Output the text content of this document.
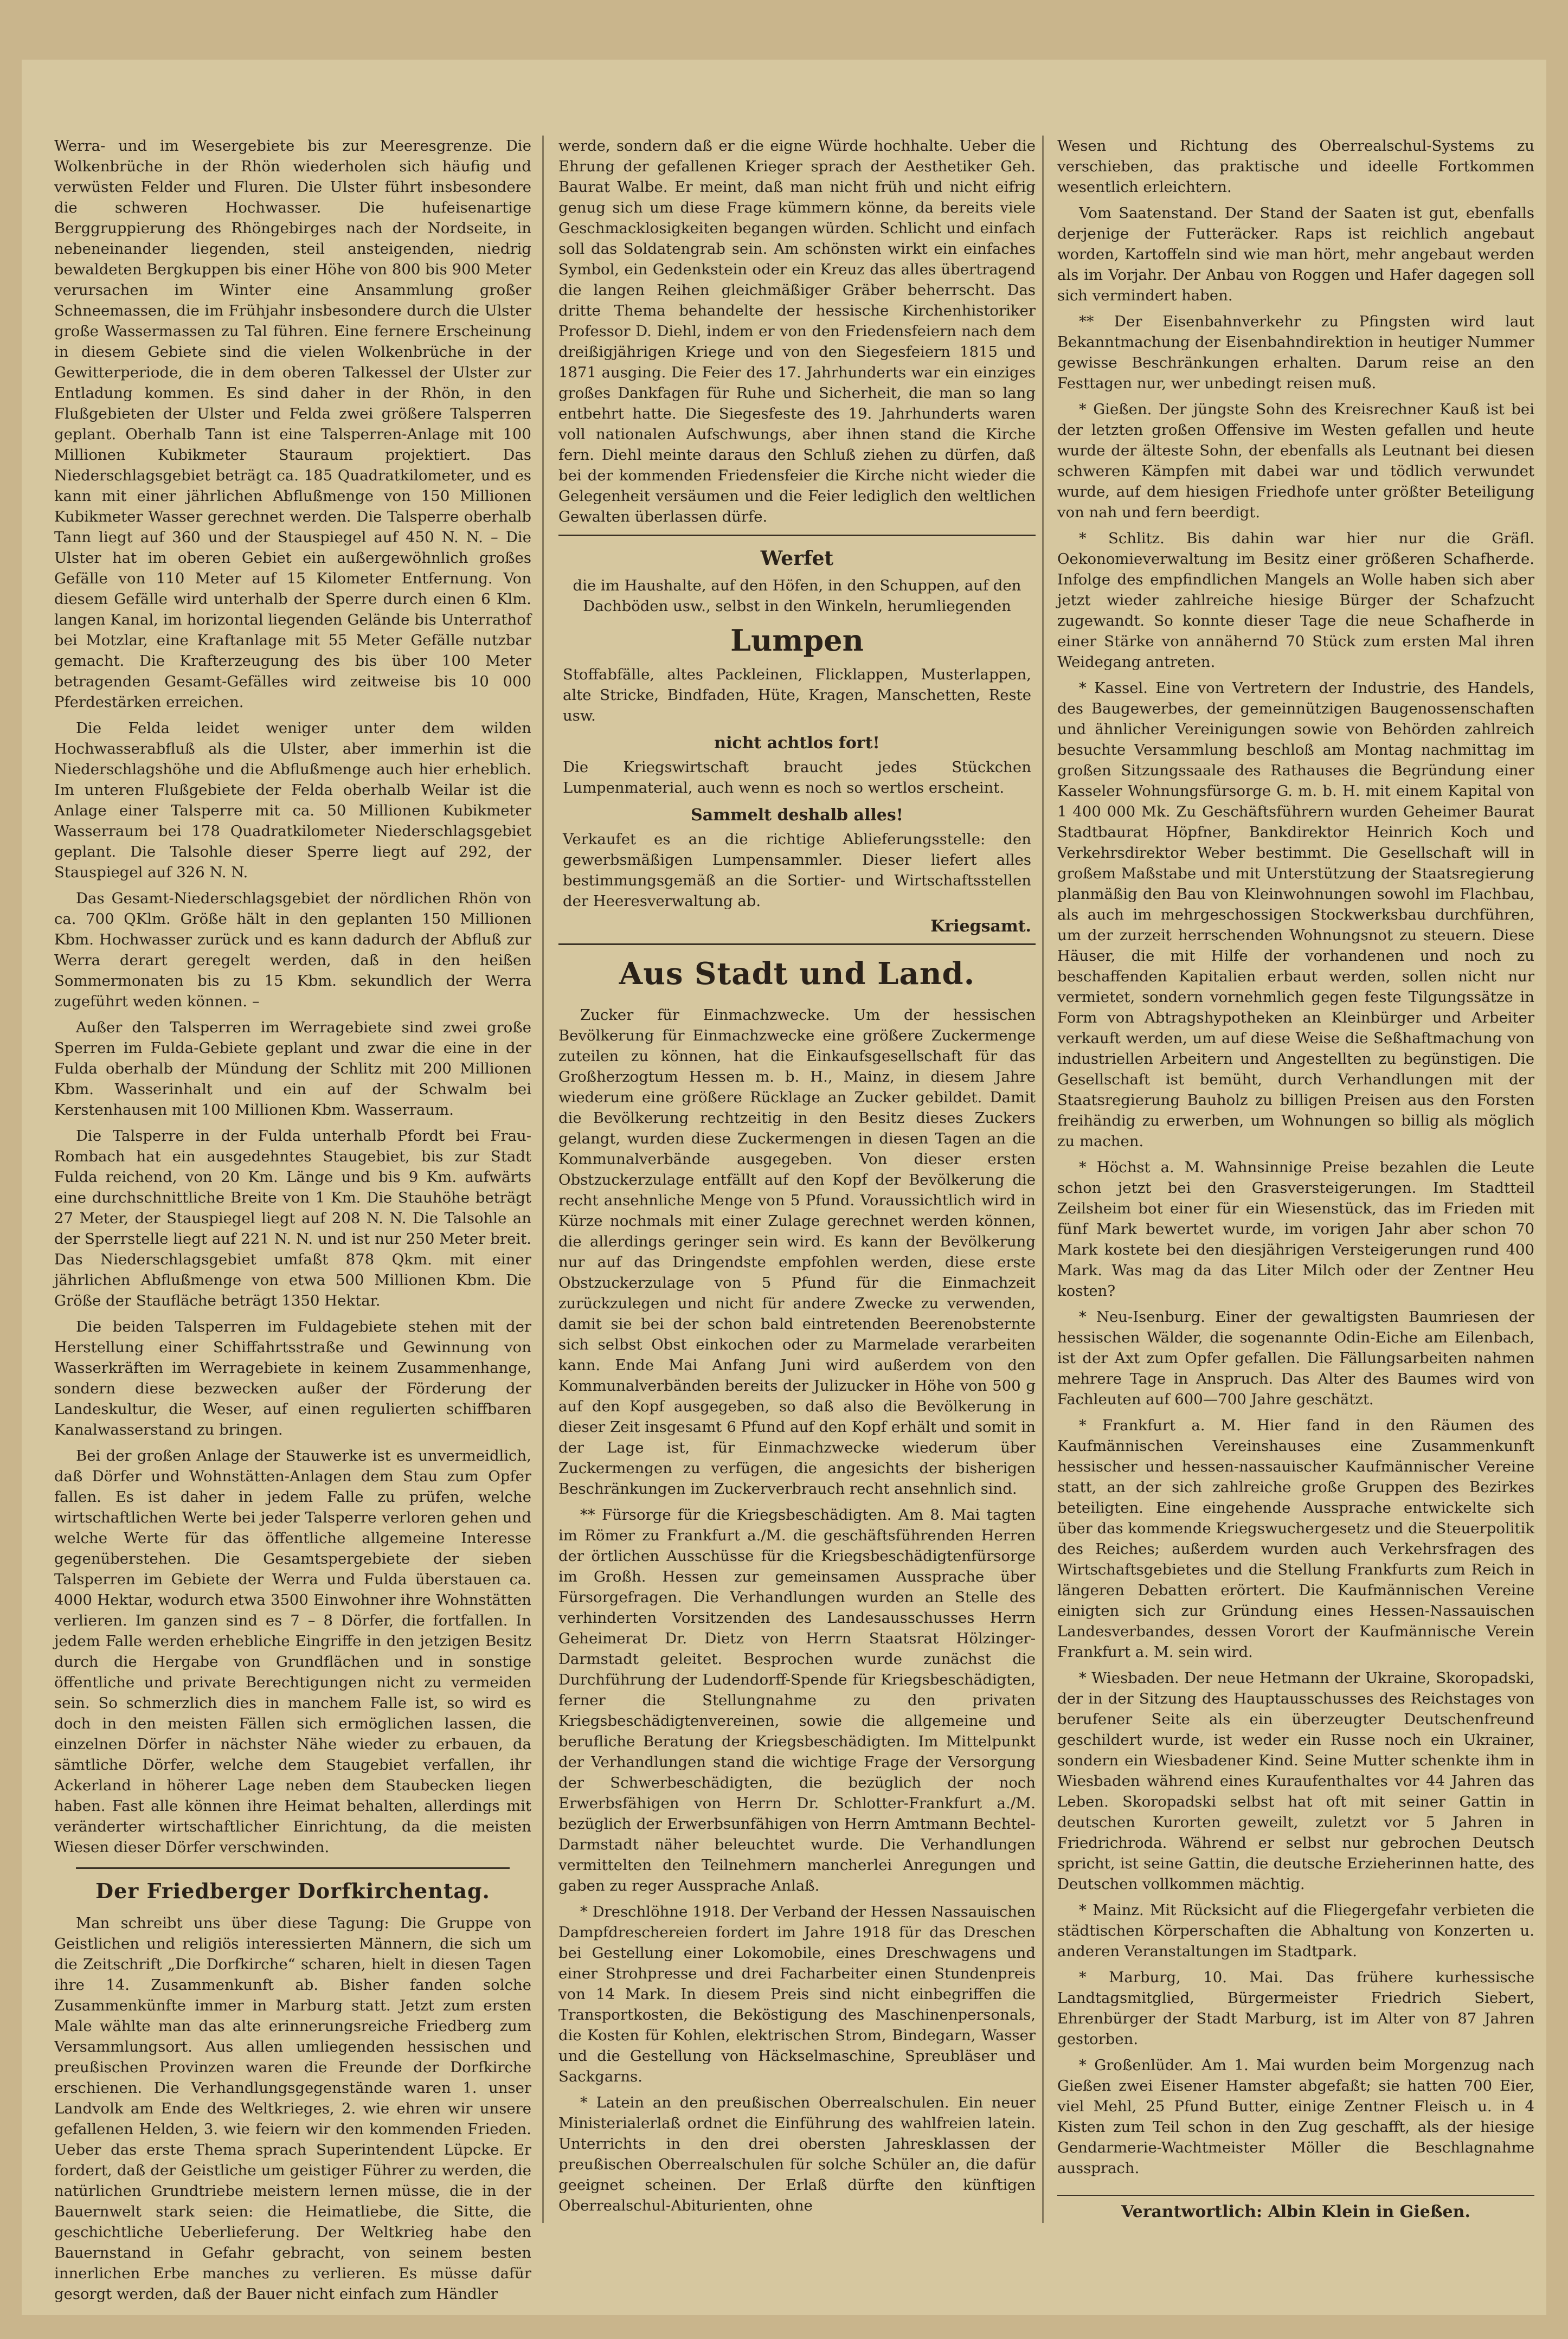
Werra- und im Wesergebiete bis zur Meeresgrenze. Die Wolkenbrüche in der Rhön wiederholen sich häufig und verwüsten Felder und Fluren. Die Ulster führt insbesondere die schweren Hochwasser. Die hufeisenartige Berggruppierung des Rhöngebirges nach der Nordseite, in nebeneinander liegenden, steil ansteigenden, niedrig bewaldeten Bergkuppen bis einer Höhe von 800 bis 900 Meter verursachen im Winter eine Ansammlung großer Schneemassen, die im Frühjahr insbesondere durch die Ulster große Wassermassen zu Tal führen. Eine fernere Erscheinung in diesem Gebiete sind die vielen Wolkenbrüche in der Gewitterperiode, die in dem oberen Talkessel der Ulster zur Entladung kommen. Es sind daher in der Rhön, in den Flußgebieten der Ulster und Felda zwei größere Talsperren geplant. Oberhalb Tann ist eine Talsperren-Anlage mit 100 Millionen Kubikmeter Stauraum projektiert. Das Niederschlagsgebiet beträgt ca. 185 Quadratkilometer, und es kann mit einer jährlichen Abflußmenge von 150 Millionen Kubikmeter Wasser gerechnet werden. Die Talsperre oberhalb Tann liegt auf 360 und der Stauspiegel auf 450 N. N. – Die Ulster hat im oberen Gebiet ein außergewöhnlich großes Gefälle von 110 Meter auf 15 Kilometer Entfernung. Von diesem Gefälle wird unterhalb der Sperre durch einen 6 Klm. langen Kanal, im horizontal liegenden Gelände bis Unterrathof bei Motzlar, eine Kraftanlage mit 55 Meter Gefälle nutzbar gemacht. Die Krafterzeugung des bis über 100 Meter betragenden Gesamt-Gefälles wird zeitweise bis 10 000 Pferdestärken erreichen.

Die Felda leidet weniger unter dem wilden Hochwasserabfluß als die Ulster, aber immerhin ist die Niederschlagshöhe und die Abflußmenge auch hier erheblich. Im unteren Flußgebiete der Felda oberhalb Weilar ist die Anlage einer Talsperre mit ca. 50 Millionen Kubikmeter Wasserraum bei 178 Quadratkilometer Niederschlagsgebiet geplant. Die Talsohle dieser Sperre liegt auf 292, der Stauspiegel auf 326 N. N.

Das Gesamt-Niederschlagsgebiet der nördlichen Rhön von ca. 700 QKlm. Größe hält in den geplanten 150 Millionen Kbm. Hochwasser zurück und es kann dadurch der Abfluß zur Werra derart geregelt werden, daß in den heißen Sommermonaten bis zu 15 Kbm. sekundlich der Werra zugeführt weden können. –

Außer den Talsperren im Werragebiete sind zwei große Sperren im Fulda-Gebiete geplant und zwar die eine in der Fulda oberhalb der Mündung der Schlitz mit 200 Millionen Kbm. Wasserinhalt und ein auf der Schwalm bei Kerstenhausen mit 100 Millionen Kbm. Wasserraum.

Die Talsperre in der Fulda unterhalb Pfordt bei Frau-Rombach hat ein ausgedehntes Staugebiet, bis zur Stadt Fulda reichend, von 20 Km. Länge und bis 9 Km. aufwärts eine durchschnittliche Breite von 1 Km. Die Stauhöhe beträgt 27 Meter, der Stauspiegel liegt auf 208 N. N. Die Talsohle an der Sperrstelle liegt auf 221 N. N. und ist nur 250 Meter breit. Das Niederschlagsgebiet umfaßt 878 Qkm. mit einer jährlichen Abflußmenge von etwa 500 Millionen Kbm. Die Größe der Staufläche beträgt 1350 Hektar.

Die beiden Talsperren im Fuldagebiete stehen mit der Herstellung einer Schiffahrtsstraße und Gewinnung von Wasserkräften im Werragebiete in keinem Zusammenhange, sondern diese bezwecken außer der Förderung der Landeskultur, die Weser, auf einen regulierten schiffbaren Kanalwasserstand zu bringen.

Bei der großen Anlage der Stauwerke ist es unvermeidlich, daß Dörfer und Wohnstätten-Anlagen dem Stau zum Opfer fallen. Es ist daher in jedem Falle zu prüfen, welche wirtschaftlichen Werte bei jeder Talsperre verloren gehen und welche Werte für das öffentliche allgemeine Interesse gegenüberstehen. Die Gesamtspergebiete der sieben Talsperren im Gebiete der Werra und Fulda überstauen ca. 4000 Hektar, wodurch etwa 3500 Einwohner ihre Wohnstätten verlieren. Im ganzen sind es 7 – 8 Dörfer, die fortfallen. In jedem Falle werden erhebliche Eingriffe in den jetzigen Besitz durch die Hergabe von Grundflächen und in sonstige öffentliche und private Berechtigungen nicht zu vermeiden sein. So schmerzlich dies in manchem Falle ist, so wird es doch in den meisten Fällen sich ermöglichen lassen, die einzelnen Dörfer in nächster Nähe wieder zu erbauen, da sämtliche Dörfer, welche dem Staugebiet verfallen, ihr Ackerland in höherer Lage neben dem Staubecken liegen haben. Fast alle können ihre Heimat behalten, allerdings mit veränderter wirtschaftlicher Einrichtung, da die meisten Wiesen dieser Dörfer verschwinden.

Der Friedberger Dorfkirchentag.

Man schreibt uns über diese Tagung: Die Gruppe von Geistlichen und religiös interessierten Männern, die sich um die Zeitschrift „Die Dorfkirche“ scharen, hielt in diesen Tagen ihre 14. Zusammenkunft ab. Bisher fanden solche Zusammenkünfte immer in Marburg statt. Jetzt zum ersten Male wählte man das alte erinnerungsreiche Friedberg zum Versammlungsort. Aus allen umliegenden hessischen und preußischen Provinzen waren die Freunde der Dorfkirche erschienen. Die Verhandlungsgegenstände waren 1. unser Landvolk am Ende des Weltkrieges, 2. wie ehren wir unsere gefallenen Helden, 3. wie feiern wir den kommenden Frieden. Ueber das erste Thema sprach Superintendent Lüpcke. Er fordert, daß der Geistliche um geistiger Führer zu werden, die natürlichen Grundtriebe meistern lernen müsse, die in der Bauernwelt stark seien: die Heimatliebe, die Sitte, die geschichtliche Ueberlieferung. Der Weltkrieg habe den Bauernstand in Gefahr gebracht, von seinem besten innerlichen Erbe manches zu verlieren. Es müsse dafür gesorgt werden, daß der Bauer nicht einfach zum Händler

werde, sondern daß er die eigne Würde hochhalte. Ueber die Ehrung der gefallenen Krieger sprach der Aesthetiker Geh. Baurat Walbe. Er meint, daß man nicht früh und nicht eifrig genug sich um diese Frage kümmern könne, da bereits viele Geschmacklosigkeiten begangen würden. Schlicht und einfach soll das Soldatengrab sein. Am schönsten wirkt ein einfaches Symbol, ein Gedenkstein oder ein Kreuz das alles übertragend die langen Reihen gleichmäßiger Gräber beherrscht. Das dritte Thema behandelte der hessische Kirchenhistoriker Professor D. Diehl, indem er von den Friedensfeiern nach dem dreißigjährigen Kriege und von den Siegesfeiern 1815 und 1871 ausging. Die Feier des 17. Jahrhunderts war ein einziges großes Dankfagen für Ruhe und Sicherheit, die man so lang entbehrt hatte. Die Siegesfeste des 19. Jahrhunderts waren voll nationalen Aufschwungs, aber ihnen stand die Kirche fern. Diehl meinte daraus den Schluß ziehen zu dürfen, daß bei der kommenden Friedensfeier die Kirche nicht wieder die Gelegenheit versäumen und die Feier lediglich den weltlichen Gewalten überlassen dürfe.

Werfet

die im Haushalte, auf den Höfen, in den Schuppen, auf den Dachböden usw., selbst in den Winkeln, herumliegenden

Lumpen

Stoffabfälle, altes Packleinen, Flicklappen, Musterlappen, alte Stricke, Bindfaden, Hüte, Kragen, Manschetten, Reste usw.

nicht achtlos fort!

Die Kriegswirtschaft braucht jedes Stückchen Lumpenmaterial, auch wenn es noch so wertlos erscheint.

Sammelt deshalb alles!

Verkaufet es an die richtige Ablieferungsstelle: den gewerbsmäßigen Lumpensammler. Dieser liefert alles bestimmungsgemäß an die Sortier- und Wirtschaftsstellen der Heeresverwaltung ab.

Kriegsamt.
Aus Stadt und Land.

Zucker für Einmachzwecke. Um der hessischen Bevölkerung für Einmachzwecke eine größere Zuckermenge zuteilen zu können, hat die Einkaufsgesellschaft für das Großherzogtum Hessen m. b. H., Mainz, in diesem Jahre wiederum eine größere Rücklage an Zucker gebildet. Damit die Bevölkerung rechtzeitig in den Besitz dieses Zuckers gelangt, wurden diese Zuckermengen in diesen Tagen an die Kommunalverbände ausgegeben. Von dieser ersten Obstzuckerzulage entfällt auf den Kopf der Bevölkerung die recht ansehnliche Menge von 5 Pfund. Voraussichtlich wird in Kürze nochmals mit einer Zulage gerechnet werden können, die allerdings geringer sein wird. Es kann der Bevölkerung nur auf das Dringendste empfohlen werden, diese erste Obstzuckerzulage von 5 Pfund für die Einmachzeit zurückzulegen und nicht für andere Zwecke zu verwenden, damit sie bei der schon bald eintretenden Beerenobsternte sich selbst Obst einkochen oder zu Marmelade verarbeiten kann. Ende Mai Anfang Juni wird außerdem von den Kommunalverbänden bereits der Julizucker in Höhe von 500 g auf den Kopf ausgegeben, so daß also die Bevölkerung in dieser Zeit insgesamt 6 Pfund auf den Kopf erhält und somit in der Lage ist, für Einmachzwecke wiederum über Zuckermengen zu verfügen, die angesichts der bisherigen Beschränkungen im Zuckerverbrauch recht ansehnlich sind.

** Fürsorge für die Kriegsbeschädigten. Am 8. Mai tagten im Römer zu Frankfurt a./M. die geschäftsführenden Herren der örtlichen Ausschüsse für die Kriegsbeschädigtenfürsorge im Großh. Hessen zur gemeinsamen Aussprache über Fürsorgefragen. Die Verhandlungen wurden an Stelle des verhinderten Vorsitzenden des Landesausschusses Herrn Geheimerat Dr. Dietz von Herrn Staatsrat Hölzinger-Darmstadt geleitet. Besprochen wurde zunächst die Durchführung der Ludendorff-Spende für Kriegsbeschädigten, ferner die Stellungnahme zu den privaten Kriegsbeschädigtenvereinen, sowie die allgemeine und berufliche Beratung der Kriegsbeschädigten. Im Mittelpunkt der Verhandlungen stand die wichtige Frage der Versorgung der Schwerbeschädigten, die bezüglich der noch Erwerbsfähigen von Herrn Dr. Schlotter-Frankfurt a./M. bezüglich der Erwerbsunfähigen von Herrn Amtmann Bechtel-Darmstadt näher beleuchtet wurde. Die Verhandlungen vermittelten den Teilnehmern mancherlei Anregungen und gaben zu reger Aussprache Anlaß.

* Dreschlöhne 1918. Der Verband der Hessen Nassauischen Dampfdreschereien fordert im Jahre 1918 für das Dreschen bei Gestellung einer Lokomobile, eines Dreschwagens und einer Strohpresse und drei Facharbeiter einen Stundenpreis von 14 Mark. In diesem Preis sind nicht einbegriffen die Transportkosten, die Beköstigung des Maschinenpersonals, die Kosten für Kohlen, elektrischen Strom, Bindegarn, Wasser und die Gestellung von Häckselmaschine, Spreubläser und Sackgarns.

* Latein an den preußischen Oberrealschulen. Ein neuer Ministerialerlaß ordnet die Einführung des wahlfreien latein. Unterrichts in den drei obersten Jahresklassen der preußischen Oberrealschulen für solche Schüler an, die dafür geeignet scheinen. Der Erlaß dürfte den künftigen Oberrealschul-Abiturienten, ohne

Wesen und Richtung des Oberrealschul-Systems zu verschieben, das praktische und ideelle Fortkommen wesentlich erleichtern.

Vom Saatenstand. Der Stand der Saaten ist gut, ebenfalls derjenige der Futteräcker. Raps ist reichlich angebaut worden, Kartoffeln sind wie man hört, mehr angebaut werden als im Vorjahr. Der Anbau von Roggen und Hafer dagegen soll sich vermindert haben.

** Der Eisenbahnverkehr zu Pfingsten wird laut Bekanntmachung der Eisenbahndirektion in heutiger Nummer gewisse Beschränkungen erhalten. Darum reise an den Festtagen nur, wer unbedingt reisen muß.

* Gießen. Der jüngste Sohn des Kreisrechner Kauß ist bei der letzten großen Offensive im Westen gefallen und heute wurde der älteste Sohn, der ebenfalls als Leutnant bei diesen schweren Kämpfen mit dabei war und tödlich verwundet wurde, auf dem hiesigen Friedhofe unter größter Beteiligung von nah und fern beerdigt.

* Schlitz. Bis dahin war hier nur die Gräfl. Oekonomieverwaltung im Besitz einer größeren Schafherde. Infolge des empfindlichen Mangels an Wolle haben sich aber jetzt wieder zahlreiche hiesige Bürger der Schafzucht zugewandt. So konnte dieser Tage die neue Schafherde in einer Stärke von annähernd 70 Stück zum ersten Mal ihren Weidegang antreten.

* Kassel. Eine von Vertretern der Industrie, des Handels, des Baugewerbes, der gemeinnützigen Baugenossenschaften und ähnlicher Vereinigungen sowie von Behörden zahlreich besuchte Versammlung beschloß am Montag nachmittag im großen Sitzungssaale des Rathauses die Begründung einer Kasseler Wohnungsfürsorge G. m. b. H. mit einem Kapital von 1 400 000 Mk. Zu Geschäftsführern wurden Geheimer Baurat Stadtbaurat Höpfner, Bankdirektor Heinrich Koch und Verkehrsdirektor Weber bestimmt. Die Gesellschaft will in großem Maßstabe und mit Unterstützung der Staatsregierung planmäßig den Bau von Kleinwohnungen sowohl im Flachbau, als auch im mehrgeschossigen Stockwerksbau durchführen, um der zurzeit herrschenden Wohnungsnot zu steuern. Diese Häuser, die mit Hilfe der vorhandenen und noch zu beschaffenden Kapitalien erbaut werden, sollen nicht nur vermietet, sondern vornehmlich gegen feste Tilgungssätze in Form von Abtragshypotheken an Kleinbürger und Arbeiter verkauft werden, um auf diese Weise die Seßhaftmachung von industriellen Arbeitern und Angestellten zu begünstigen. Die Gesellschaft ist bemüht, durch Verhandlungen mit der Staatsregierung Bauholz zu billigen Preisen aus den Forsten freihändig zu erwerben, um Wohnungen so billig als möglich zu machen.

* Höchst a. M. Wahnsinnige Preise bezahlen die Leute schon jetzt bei den Grasversteigerungen. Im Stadtteil Zeilsheim bot einer für ein Wiesenstück, das im Frieden mit fünf Mark bewertet wurde, im vorigen Jahr aber schon 70 Mark kostete bei den diesjährigen Versteigerungen rund 400 Mark. Was mag da das Liter Milch oder der Zentner Heu kosten?

* Neu-Isenburg. Einer der gewaltigsten Baumriesen der hessischen Wälder, die sogenannte Odin-Eiche am Eilenbach, ist der Axt zum Opfer gefallen. Die Fällungsarbeiten nahmen mehrere Tage in Anspruch. Das Alter des Baumes wird von Fachleuten auf 600—700 Jahre geschätzt.

* Frankfurt a. M. Hier fand in den Räumen des Kaufmännischen Vereinshauses eine Zusammenkunft hessischer und hessen-nassauischer Kaufmännischer Vereine statt, an der sich zahlreiche große Gruppen des Bezirkes beteiligten. Eine eingehende Aussprache entwickelte sich über das kommende Kriegswuchergesetz und die Steuerpolitik des Reiches; außerdem wurden auch Verkehrsfragen des Wirtschaftsgebietes und die Stellung Frankfurts zum Reich in längeren Debatten erörtert. Die Kaufmännischen Vereine einigten sich zur Gründung eines Hessen-Nassauischen Landesverbandes, dessen Vorort der Kaufmännische Verein Frankfurt a. M. sein wird.

* Wiesbaden. Der neue Hetmann der Ukraine, Skoropadski, der in der Sitzung des Hauptausschusses des Reichstages von berufener Seite als ein überzeugter Deutschenfreund geschildert wurde, ist weder ein Russe noch ein Ukrainer, sondern ein Wiesbadener Kind. Seine Mutter schenkte ihm in Wiesbaden während eines Kuraufenthaltes vor 44 Jahren das Leben. Skoropadski selbst hat oft mit seiner Gattin in deutschen Kurorten geweilt, zuletzt vor 5 Jahren in Friedrichroda. Während er selbst nur gebrochen Deutsch spricht, ist seine Gattin, die deutsche Erzieherinnen hatte, des Deutschen vollkommen mächtig.

* Mainz. Mit Rücksicht auf die Fliegergefahr verbieten die städtischen Körperschaften die Abhaltung von Konzerten u. anderen Veranstaltungen im Stadtpark.

* Marburg, 10. Mai. Das frühere kurhessische Landtagsmitglied, Bürgermeister Friedrich Siebert, Ehrenbürger der Stadt Marburg, ist im Alter von 87 Jahren gestorben.

* Großenlüder. Am 1. Mai wurden beim Morgenzug nach Gießen zwei Eisener Hamster abgefaßt; sie hatten 700 Eier, viel Mehl, 25 Pfund Butter, einige Zentner Fleisch u. in 4 Kisten zum Teil schon in den Zug geschafft, als der hiesige Gendarmerie-Wachtmeister Möller die Beschlagnahme aussprach.

Verantwortlich: Albin Klein in Gießen.
